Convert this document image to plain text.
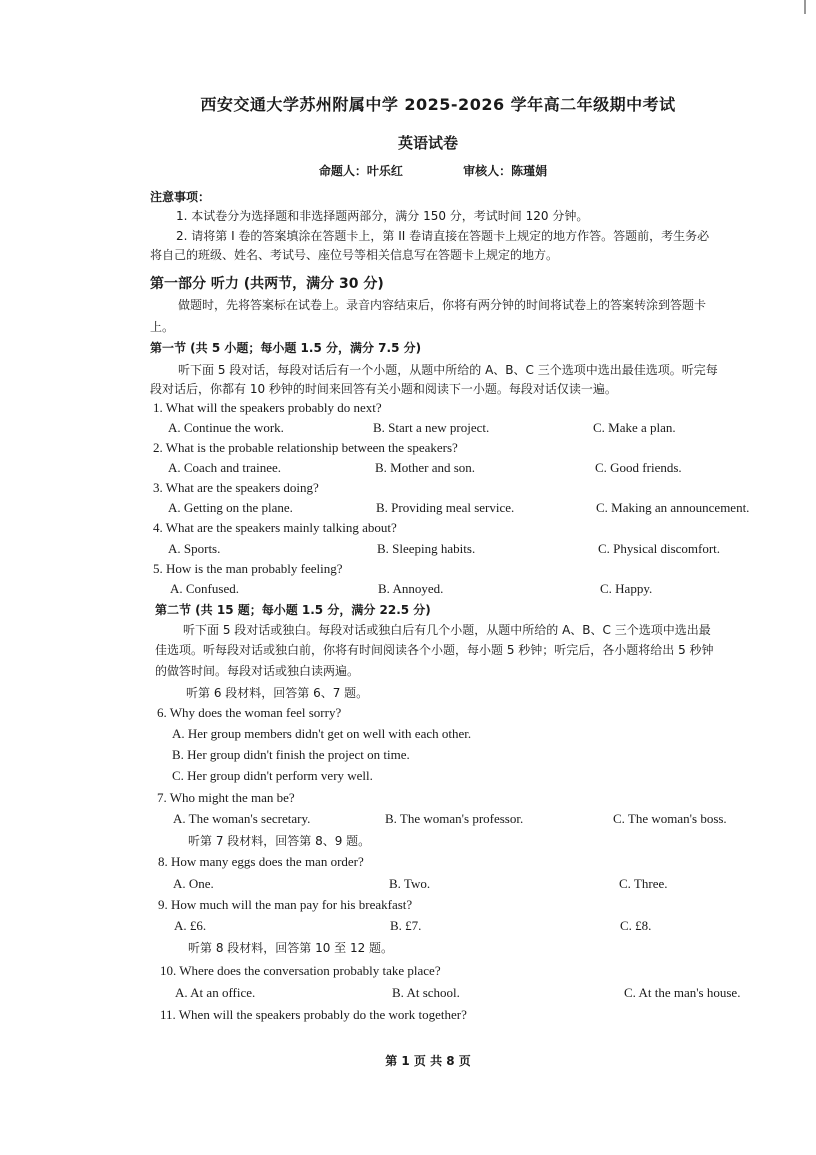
西安交通大学苏州附属中学 2025-2026 学年高二年级期中考试
英语试卷
命题人：叶乐红	审核人：陈瑾娟
注意事项：
1. 本试卷分为选择题和非选择题两部分，满分 150 分，考试时间 120 分钟。
2. 请将第 I 卷的答案填涂在答题卡上，第 II 卷请直接在答题卡上规定的地方作答。答题前，考生务必
将自己的班级、姓名、考试号、座位号等相关信息写在答题卡上规定的地方。
第一部分 听力 (共两节，满分 30 分)
做题时，先将答案标在试卷上。录音内容结束后，你将有两分钟的时间将试卷上的答案转涂到答题卡
上。
第一节 (共 5 小题；每小题 1.5 分，满分 7.5 分)
听下面 5 段对话，每段对话后有一个小题，从题中所给的 A、B、C 三个选项中选出最佳选项。听完每
段对话后，你都有 10 秒钟的时间来回答有关小题和阅读下一小题。每段对话仅读一遍。
1. What will the speakers probably do next?
A. Continue the work.	B. Start a new project.	C. Make a plan.
2. What is the probable relationship between the speakers?
A. Coach and trainee.	B. Mother and son.	C. Good friends.
3. What are the speakers doing?
A. Getting on the plane.	B. Providing meal service.	C. Making an announcement.
4. What are the speakers mainly talking about?
A. Sports.	B. Sleeping habits.	C. Physical discomfort.
5. How is the man probably feeling?
A. Confused.	B. Annoyed.	C. Happy.
第二节 (共 15 题；每小题 1.5 分，满分 22.5 分)
听下面 5 段对话或独白。每段对话或独白后有几个小题，从题中所给的 A、B、C 三个选项中选出最
佳选项。听每段对话或独白前，你将有时间阅读各个小题，每小题 5 秒钟；听完后，各小题将给出 5 秒钟
的做答时间。每段对话或独白读两遍。
听第 6 段材料，回答第 6、7 题。
6. Why does the woman feel sorry?
A. Her group members didn't get on well with each other.
B. Her group didn't finish the project on time.
C. Her group didn't perform very well.
7. Who might the man be?
A. The woman's secretary.	B. The woman's professor.	C. The woman's boss.
听第 7 段材料，回答第 8、9 题。
8. How many eggs does the man order?
A. One.	B. Two.	C. Three.
9. How much will the man pay for his breakfast?
A. £6.	B. £7.	C. £8.
听第 8 段材料，回答第 10 至 12 题。
10. Where does the conversation probably take place?
A. At an office.	B. At school.	C. At the man's house.
11. When will the speakers probably do the work together?
第 1 页 共 8 页
